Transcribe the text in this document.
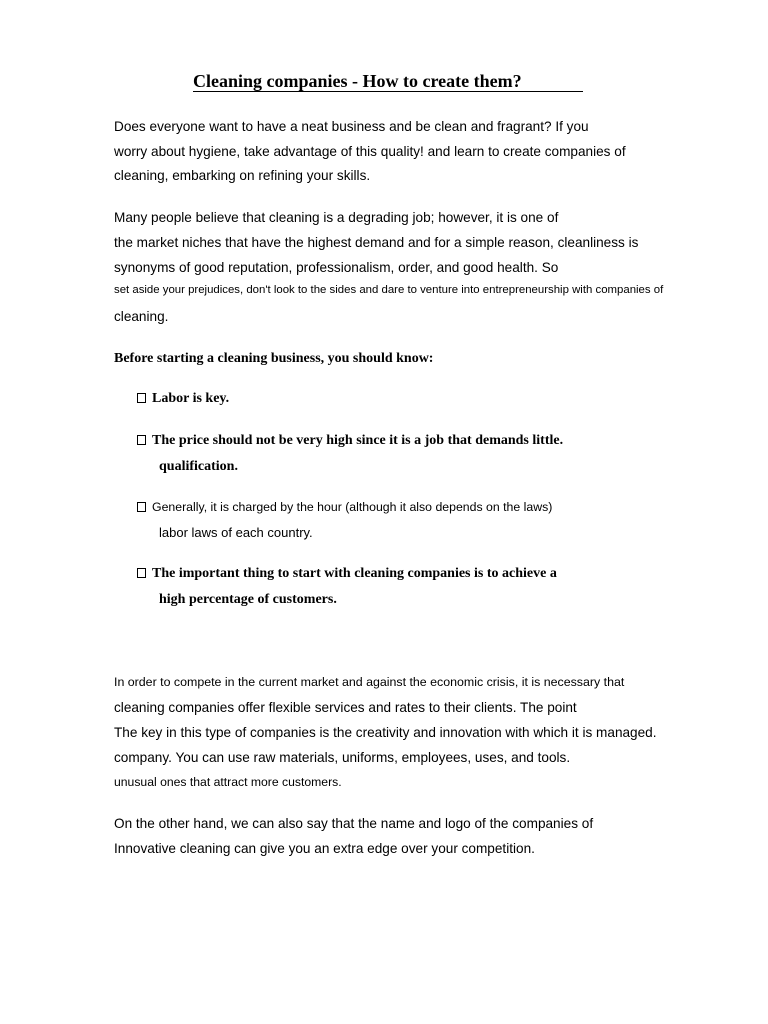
Cleaning companies - How to create them?

Does everyone want to have a neat business and be clean and fragrant? If you

worry about hygiene, take advantage of this quality! and learn to create companies of

cleaning, embarking on refining your skills.

Many people believe that cleaning is a degrading job; however, it is one of

the market niches that have the highest demand and for a simple reason, cleanliness is

synonyms of good reputation, professionalism, order, and good health. So

set aside your prejudices, don't look to the sides and dare to venture into entrepreneurship with companies of

cleaning.

Before starting a cleaning business, you should know:

Labor is key.

The price should not be very high since it is a job that demands little.

qualification.

Generally, it is charged by the hour (although it also depends on the laws)

labor laws of each country.

The important thing to start with cleaning companies is to achieve a

high percentage of customers.

In order to compete in the current market and against the economic crisis, it is necessary that

cleaning companies offer flexible services and rates to their clients. The point

The key in this type of companies is the creativity and innovation with which it is managed.

company. You can use raw materials, uniforms, employees, uses, and tools.

unusual ones that attract more customers.

On the other hand, we can also say that the name and logo of the companies of

Innovative cleaning can give you an extra edge over your competition.
